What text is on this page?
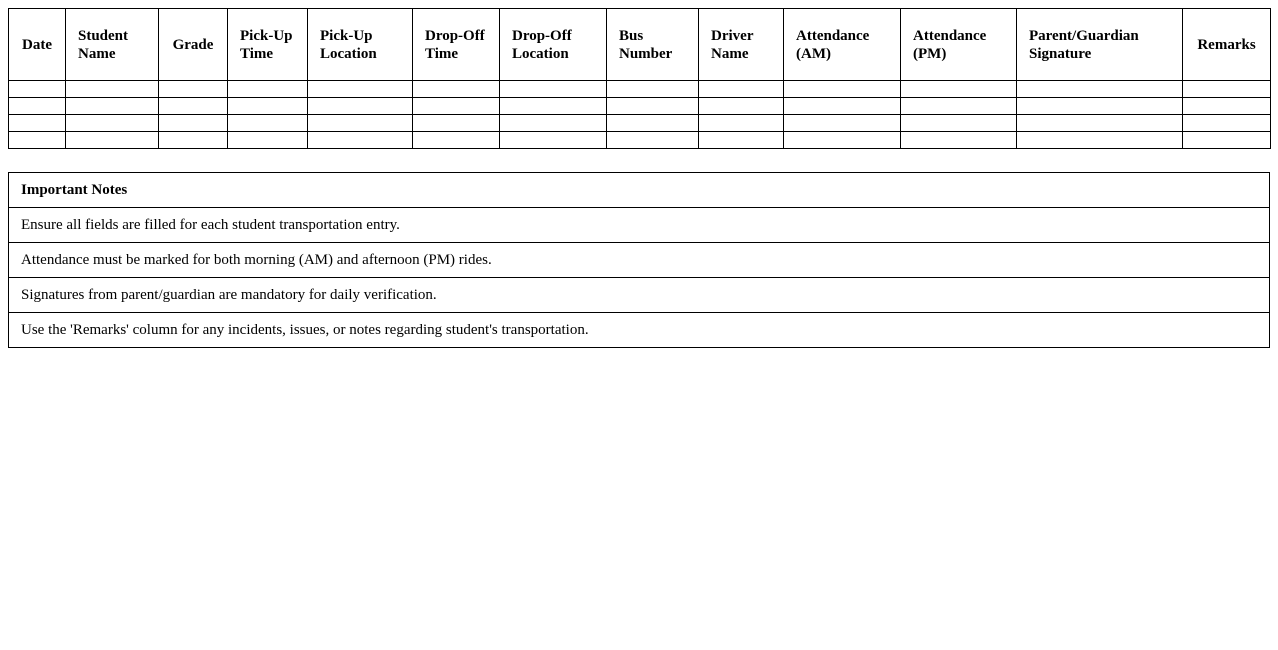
Date	Student Name	Grade	Pick-Up Time	Pick-Up Location	Drop-Off Time	Drop-Off Location	Bus Number	Driver Name	Attendance (AM)	Attendance (PM)	Parent/Guardian Signature	Remarks

Important Notes
Ensure all fields are filled for each student transportation entry.
Attendance must be marked for both morning (AM) and afternoon (PM) rides.
Signatures from parent/guardian are mandatory for daily verification.
Use the 'Remarks' column for any incidents, issues, or notes regarding student's transportation.
